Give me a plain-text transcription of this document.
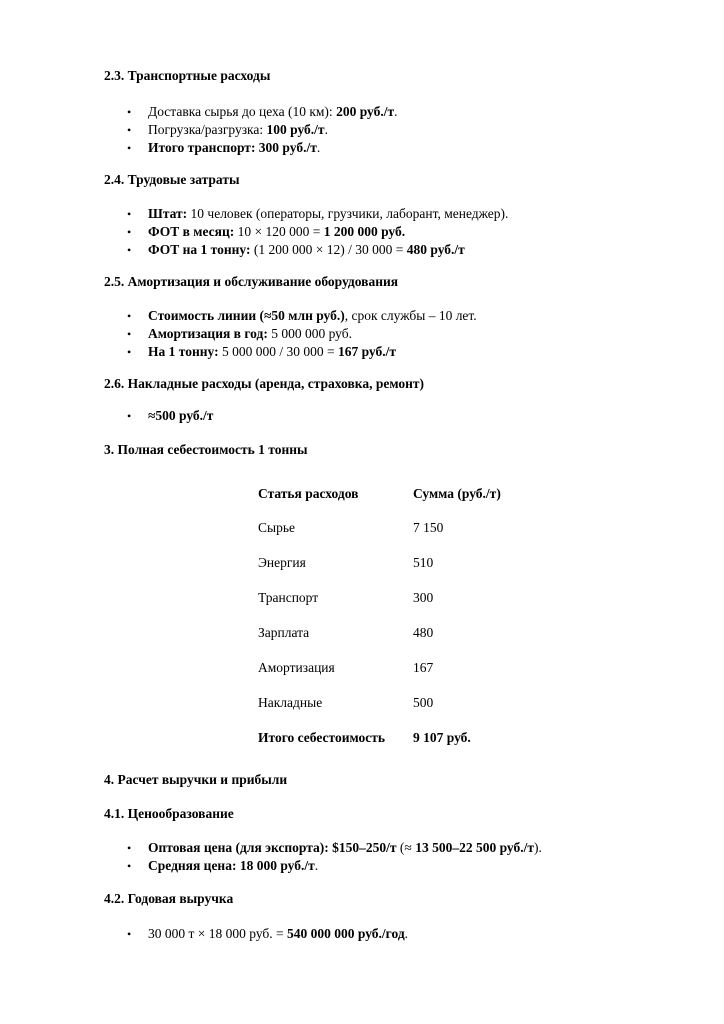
2.3. Транспортные расходы
• Доставка сырья до цеха (10 км): 200 руб./т.
• Погрузка/разгрузка: 100 руб./т.
• Итого транспорт: 300 руб./т.
2.4. Трудовые затраты
• Штат: 10 человек (операторы, грузчики, лаборант, менеджер).
• ФОТ в месяц: 10 × 120 000 = 1 200 000 руб.
• ФОТ на 1 тонну: (1 200 000 × 12) / 30 000 = 480 руб./т
2.5. Амортизация и обслуживание оборудования
• Стоимость линии (≈50 млн руб.), срок службы – 10 лет.
• Амортизация в год: 5 000 000 руб.
• На 1 тонну: 5 000 000 / 30 000 = 167 руб./т
2.6. Накладные расходы (аренда, страховка, ремонт)
• ≈500 руб./т
3. Полная себестоимость 1 тонны
Статья расходов	Сумма (руб./т)
Сырье	7 150
Энергия	510
Транспорт	300
Зарплата	480
Амортизация	167
Накладные	500
Итого себестоимость 9 107 руб.
4. Расчет выручки и прибыли
4.1. Ценообразование
• Оптовая цена (для экспорта): $150–250/т (≈ 13 500–22 500 руб./т).
• Средняя цена: 18 000 руб./т.
4.2. Годовая выручка
• 30 000 т × 18 000 руб. = 540 000 000 руб./год.
